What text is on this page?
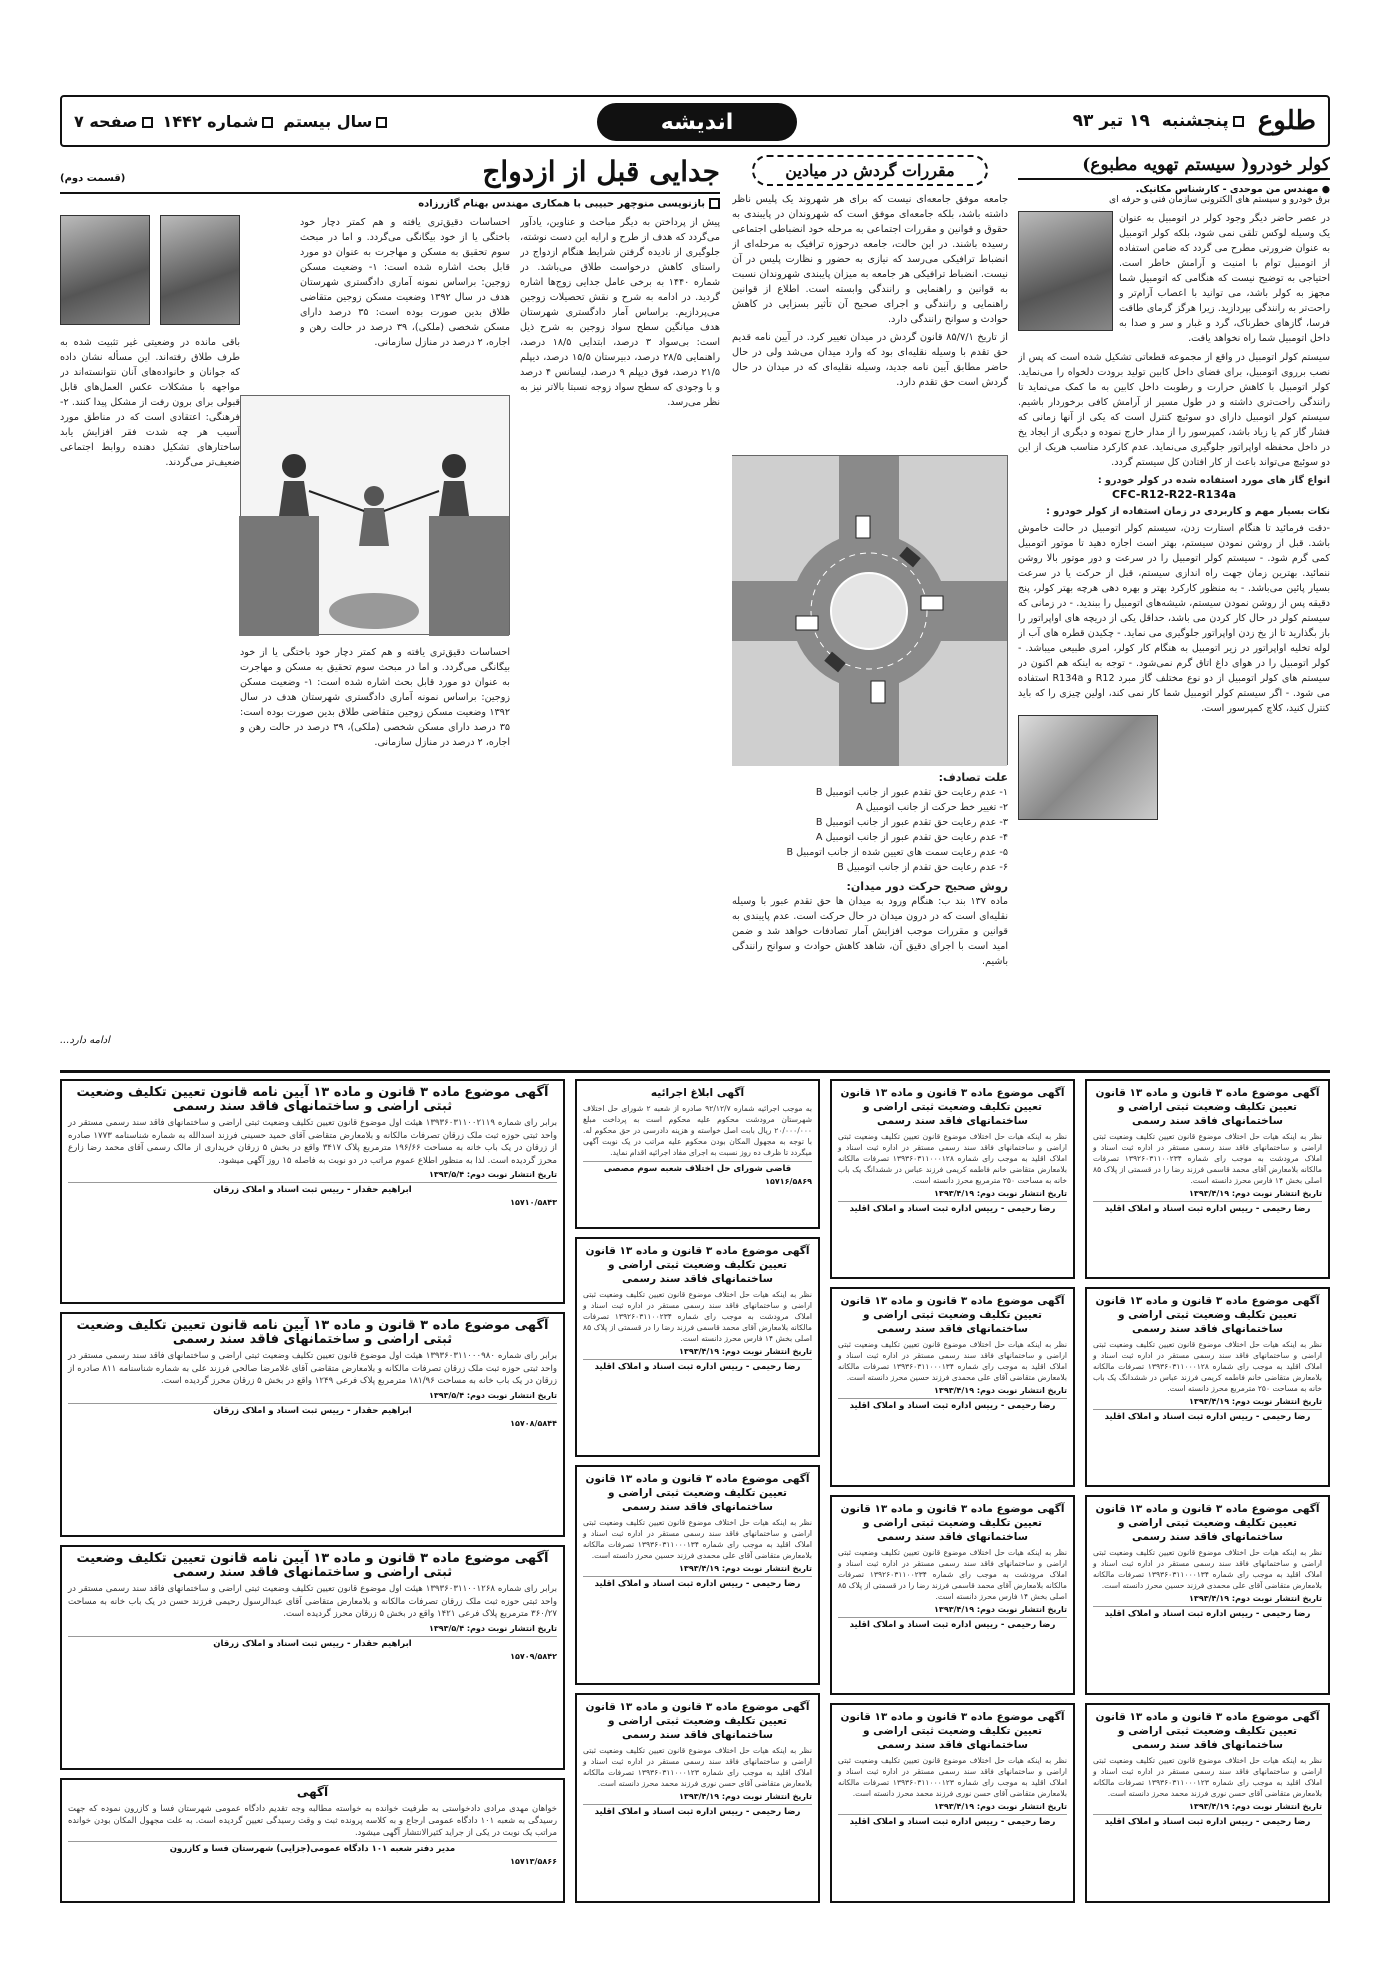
طلوع
پنجشنبه  ۱۹ تیر ۹۳
اندیشه
سال بیستم
شماره ۱۴۴۲
صفحه ۷
کولر خودرو( سیستم تهویه مطبوع)
● مهندس من موحدی - کارشناس مکانیک.
برق خودرو و سیستم های الکترونی سازمان فنی و حرفه ای
در عصر حاضر دیگر وجود کولر در اتومبیل به عنوان یک وسیله لوکس تلقی نمی شود، بلکه کولر اتومبیل به عنوان ضرورتی مطرح می گردد که ضامن استفاده از اتومبیل توام با امنیت و آرامش خاطر است. احتیاجی به توضیح نیست که هنگامی که اتومبیل شما مجهز به کولر باشد، می توانید با اعصاب آرام‌تر و راحت‌تر به رانندگی بپردازید. زیرا هرگز گرمای طاقت فرسا، گازهای خطرناک، گرد و غبار و سر و صدا به داخل اتومبیل شما راه نخواهد یافت.
سیستم کولر اتومبیل در واقع از مجموعه قطعاتی تشکیل شده است که پس از نصب برروی اتومبیل، برای فضای داخل کابین تولید برودت دلخواه را می‌نماید. کولر اتومبیل با کاهش حرارت و رطوبت داخل کابین به ما کمک می‌نماید تا رانندگی راحت‌تری داشته و در طول مسیر از آرامش کافی برخوردار باشیم. سیستم کولر اتومبیل دارای دو سوئیچ کنترل است که یکی از آنها زمانی که فشار گاز کم یا زیاد باشد، کمپرسور را از مدار خارج نموده و دیگری از ایجاد یخ در داخل محفظه اواپراتور جلوگیری می‌نماید. عدم کارکرد مناسب هریک از این دو سوئیچ می‌تواند باعث از کار افتادن کل سیستم گردد.
انواع گاز های مورد استفاده شده در کولر خودرو :
CFC-R12-R22-R134a
نکات بسیار مهم و کاربردی در زمان استفاده از کولر خودرو :
-دقت فرمائید تا هنگام استارت زدن، سیستم کولر اتومبیل در حالت خاموش باشد. قبل از روشن نمودن سیستم، بهتر است اجازه دهید تا موتور اتومبیل کمی گرم شود. - سیستم کولر اتومبیل را در سرعت و دور موتور بالا روشن ننمائید. بهترین زمان جهت راه اندازی سیستم، قبل از حرکت یا در سرعت بسیار پائین می‌باشد. - به منظور کارکرد بهتر و بهره دهی هرچه بهتر کولر، پنج دقیقه پس از روشن نمودن سیستم، شیشه‌های اتومبیل را ببندید. - در زمانی که سیستم کولر در حال کار کردن می باشد، حداقل یکی از دریچه های اواپراتور را باز بگذارید تا از یخ زدن اواپراتور جلوگیری می نماید. - چکیدن قطره های آب از لوله تخلیه اواپراتور در زیر اتومبیل به هنگام کار کولر، امری طبیعی میباشد. - کولر اتومبیل را در هوای داغ اتاق گرم نمی‌شود. - توجه به اینکه هم اکنون در سیستم های کولر اتومبیل از دو نوع مختلف گاز مبرد R12 و R134a استفاده می شود. - اگر سیستم کولر اتومبیل شما کار نمی کند، اولین چیزی را که باید کنترل کنید، کلاچ کمپرسور است.
مقررات گردش در میادین
جامعه موفق جامعه‌ای نیست که برای هر شهروند یک پلیس ناظر داشته باشد، بلکه جامعه‌ای موفق است که شهروندان در پایبندی به حقوق و قوانین و مقررات اجتماعی به مرحله خود انضباطی اجتماعی رسیده باشند. در این حالت، جامعه درحوزه ترافیک به مرحله‌ای از انضباط ترافیکی می‌رسد که نیازی به حضور و نظارت پلیس در آن نیست. انضباط ترافیکی هر جامعه به میزان پایبندی شهروندان نسبت به قوانین و راهنمایی و رانندگی وابسته است. اطلاع از قوانین راهنمایی و رانندگی و اجرای صحیح آن تأثیر بسزایی در کاهش حوادث و سوانح رانندگی دارد.
از تاریخ ۸۵/۷/۱ قانون گردش در میدان تغییر کرد. در آیین نامه قدیم حق تقدم با وسیله نقلیه‌ای بود که وارد میدان می‌شد ولی در حال حاضر مطابق آیین نامه جدید، وسیله نقلیه‌ای که در میدان در حال گردش است حق تقدم دارد.
علت تصادف:
۱- عدم رعایت حق تقدم عبور از جانب اتومبیل B
۲- تغییر خط حرکت از جانب اتومبیل A
۳- عدم رعایت حق تقدم عبور از جانب اتومبیل B
۴- عدم رعایت حق تقدم عبور از جانب اتومبیل A
۵- عدم رعایت سمت های تعیین شده از جانب اتومبیل B
۶- عدم رعایت حق تقدم از جانب اتومبیل B
روش صحیح حرکت دور میدان:
ماده ۱۳۷ بند ب: هنگام ورود به میدان ها حق تقدم عبور با وسیله نقلیه‌ای است که در درون میدان در حال حرکت است. عدم پایبندی به قوانین و مقررات موجب افزایش آمار تصادفات خواهد شد و ضمن امید است با اجرای دقیق آن، شاهد کاهش حوادث و سوانح رانندگی باشیم.
جدایی قبل از ازدواج
(قسمت دوم)
بازنویسی منوچهر حبیبی با همکاری مهندس بهنام گازرزاده
پیش از پرداختن به دیگر مباحث و عناوین، یادآور می‌گردد که هدف از طرح و ارایه این دست نوشته، جلوگیری از نادیده گرفتن شرایط هنگام ازدواج در راستای کاهش درخواست طلاق می‌باشد. در شماره ۱۴۴۰ به برخی عامل جدایی زوج‌ها اشاره گردید. در ادامه به شرح و نقش تحصیلات زوجین می‌پردازیم. براساس آمار دادگستری شهرستان هدف میانگین سطح سواد زوجین به شرح ذیل است: بی‌سواد ۳ درصد، ابتدایی ۱۸/۵ درصد، راهنمایی ۲۸/۵ درصد، دبیرستان ۱۵/۵ درصد، دیپلم ۲۱/۵ درصد، فوق دیپلم ۹ درصد، لیسانس ۴ درصد و با وجودی که سطح سواد زوجه نسبتا بالاتر نیز به نظر می‌رسد.
احساسات دقیق‌تری یافته و هم کمتر دچار خود باختگی یا از خود بیگانگی می‌گردد. و اما در مبحث سوم تحقیق به مسکن و مهاجرت به عنوان دو مورد قابل بحث اشاره شده است: ۱- وضعیت مسکن زوجین: براساس نمونه آماری دادگستری شهرستان هدف در سال ۱۳۹۲ وضعیت مسکن زوجین متقاضی طلاق بدین صورت بوده است: ۳۵ درصد دارای مسکن شخصی (ملکی)، ۳۹ درصد در حالت رهن و اجاره، ۲ درصد در منازل سازمانی.
باقی مانده در وضعیتی غیر تثبیت شده به طرف طلاق رفته‌اند. این مسأله نشان داده که جوانان و خانواده‌های آنان نتوانسته‌اند در مواجهه با مشکلات عکس العمل‌های قابل قبولی برای برون رفت از مشکل پیدا کنند. ۲- فرهنگی: اعتقادی است که در مناطق مورد آسیب هر چه شدت فقر افزایش یابد ساختارهای تشکیل دهنده روابط اجتماعی ضعیف‌تر می‌گردند.
احساسات دقیق‌تری یافته و هم کمتر دچار خود باختگی یا از خود بیگانگی می‌گردد. و اما در مبحث سوم تحقیق به مسکن و مهاجرت به عنوان دو مورد قابل بحث اشاره شده است: ۱- وضعیت مسکن زوجین: براساس نمونه آماری دادگستری شهرستان هدف در سال ۱۳۹۲ وضعیت مسکن زوجین متقاضی طلاق بدین صورت بوده است: ۳۵ درصد دارای مسکن شخصی (ملکی)، ۳۹ درصد در حالت رهن و اجاره، ۲ درصد در منازل سازمانی.
ادامه دارد...
آگهی موضوع ماده ۳ قانون و ماده ۱۳ قانون تعیین تکلیف وضعیت ثبتی اراضی و ساختمانهای فاقد سند رسمی

نظر به اینکه هیات حل اختلاف موضوع قانون تعیین تکلیف وضعیت ثبتی اراضی و ساختمانهای فاقد سند رسمی مستقر در اداره ثبت اسناد و املاک مرودشت به موجب رای شماره ۱۳۹۲۶۰۳۱۱۰۰۲۳۴ تصرفات مالکانه بلامعارض آقای محمد قاسمی فرزند رضا را در قسمتی از پلاک ۸۵ اصلی بخش ۱۴ فارس محرز دانسته است.

تاریخ انتشار نوبت دوم: ۱۳۹۳/۴/۱۹
رضا رحیمی - رییس اداره ثبت اسناد و املاک اقلید
آگهی موضوع ماده ۳ قانون و ماده ۱۳ قانون تعیین تکلیف وضعیت ثبتی اراضی و ساختمانهای فاقد سند رسمی

نظر به اینکه هیات حل اختلاف موضوع قانون تعیین تکلیف وضعیت ثبتی اراضی و ساختمانهای فاقد سند رسمی مستقر در اداره ثبت اسناد و املاک اقلید به موجب رای شماره ۱۳۹۳۶۰۳۱۱۰۰۰۱۲۸ تصرفات مالکانه بلامعارض متقاضی خانم فاطمه کریمی فرزند عباس در ششدانگ یک باب خانه به مساحت ۲۵۰ مترمربع محرز دانسته است.

تاریخ انتشار نوبت دوم: ۱۳۹۳/۴/۱۹
رضا رحیمی - رییس اداره ثبت اسناد و املاک اقلید
آگهی موضوع ماده ۳ قانون و ماده ۱۳ قانون تعیین تکلیف وضعیت ثبتی اراضی و ساختمانهای فاقد سند رسمی

نظر به اینکه هیات حل اختلاف موضوع قانون تعیین تکلیف وضعیت ثبتی اراضی و ساختمانهای فاقد سند رسمی مستقر در اداره ثبت اسناد و املاک اقلید به موجب رای شماره ۱۳۹۳۶۰۳۱۱۰۰۰۱۳۴ تصرفات مالکانه بلامعارض متقاضی آقای علی محمدی فرزند حسین محرز دانسته است.

تاریخ انتشار نوبت دوم: ۱۳۹۳/۴/۱۹
رضا رحیمی - رییس اداره ثبت اسناد و املاک اقلید
آگهی موضوع ماده ۳ قانون و ماده ۱۳ قانون تعیین تکلیف وضعیت ثبتی اراضی و ساختمانهای فاقد سند رسمی

نظر به اینکه هیات حل اختلاف موضوع قانون تعیین تکلیف وضعیت ثبتی اراضی و ساختمانهای فاقد سند رسمی مستقر در اداره ثبت اسناد و املاک اقلید به موجب رای شماره ۱۳۹۳۶۰۳۱۱۰۰۰۱۲۳ تصرفات مالکانه بلامعارض متقاضی آقای حسن نوری فرزند محمد محرز دانسته است.

تاریخ انتشار نوبت دوم: ۱۳۹۳/۴/۱۹
رضا رحیمی - رییس اداره ثبت اسناد و املاک اقلید
آگهی موضوع ماده ۳ قانون و ماده ۱۳ قانون تعیین تکلیف وضعیت ثبتی اراضی و ساختمانهای فاقد سند رسمی

نظر به اینکه هیات حل اختلاف موضوع قانون تعیین تکلیف وضعیت ثبتی اراضی و ساختمانهای فاقد سند رسمی مستقر در اداره ثبت اسناد و املاک اقلید به موجب رای شماره ۱۳۹۳۶۰۳۱۱۰۰۰۱۲۸ تصرفات مالکانه بلامعارض متقاضی خانم فاطمه کریمی فرزند عباس در ششدانگ یک باب خانه به مساحت ۲۵۰ مترمربع محرز دانسته است.

تاریخ انتشار نوبت دوم: ۱۳۹۳/۴/۱۹
رضا رحیمی - رییس اداره ثبت اسناد و املاک اقلید
آگهی موضوع ماده ۳ قانون و ماده ۱۳ قانون تعیین تکلیف وضعیت ثبتی اراضی و ساختمانهای فاقد سند رسمی

نظر به اینکه هیات حل اختلاف موضوع قانون تعیین تکلیف وضعیت ثبتی اراضی و ساختمانهای فاقد سند رسمی مستقر در اداره ثبت اسناد و املاک اقلید به موجب رای شماره ۱۳۹۳۶۰۳۱۱۰۰۰۱۳۴ تصرفات مالکانه بلامعارض متقاضی آقای علی محمدی فرزند حسین محرز دانسته است.

تاریخ انتشار نوبت دوم: ۱۳۹۳/۴/۱۹
رضا رحیمی - رییس اداره ثبت اسناد و املاک اقلید
آگهی موضوع ماده ۳ قانون و ماده ۱۳ قانون تعیین تکلیف وضعیت ثبتی اراضی و ساختمانهای فاقد سند رسمی

نظر به اینکه هیات حل اختلاف موضوع قانون تعیین تکلیف وضعیت ثبتی اراضی و ساختمانهای فاقد سند رسمی مستقر در اداره ثبت اسناد و املاک مرودشت به موجب رای شماره ۱۳۹۲۶۰۳۱۱۰۰۲۳۴ تصرفات مالکانه بلامعارض آقای محمد قاسمی فرزند رضا را در قسمتی از پلاک ۸۵ اصلی بخش ۱۴ فارس محرز دانسته است.

تاریخ انتشار نوبت دوم: ۱۳۹۳/۴/۱۹
رضا رحیمی - رییس اداره ثبت اسناد و املاک اقلید
آگهی موضوع ماده ۳ قانون و ماده ۱۳ قانون تعیین تکلیف وضعیت ثبتی اراضی و ساختمانهای فاقد سند رسمی

نظر به اینکه هیات حل اختلاف موضوع قانون تعیین تکلیف وضعیت ثبتی اراضی و ساختمانهای فاقد سند رسمی مستقر در اداره ثبت اسناد و املاک اقلید به موجب رای شماره ۱۳۹۳۶۰۳۱۱۰۰۰۱۲۳ تصرفات مالکانه بلامعارض متقاضی آقای حسن نوری فرزند محمد محرز دانسته است.

تاریخ انتشار نوبت دوم: ۱۳۹۳/۴/۱۹
رضا رحیمی - رییس اداره ثبت اسناد و املاک اقلید
آگهی ابلاغ اجرائیه

به موجب اجرائیه شماره ۹۲/۱۲/۷ صادره از شعبه ۲ شورای حل اختلاف شهرستان مرودشت محکوم علیه محکوم است به پرداخت مبلغ ۲۰/۰۰۰/۰۰۰ ریال بابت اصل خواسته و هزینه دادرسی در حق محکوم له. با توجه به مجهول المکان بودن محکوم علیه مراتب در یک نوبت آگهی میگردد تا ظرف ده روز نسبت به اجرای مفاد اجرائیه اقدام نماید.

قاضی شورای حل اختلاف شعبه سوم مصصی
۱۵۷۱۶/۵۸۶۹
آگهی موضوع ماده ۳ قانون و ماده ۱۳ قانون تعیین تکلیف وضعیت ثبتی اراضی و ساختمانهای فاقد سند رسمی

نظر به اینکه هیات حل اختلاف موضوع قانون تعیین تکلیف وضعیت ثبتی اراضی و ساختمانهای فاقد سند رسمی مستقر در اداره ثبت اسناد و املاک مرودشت به موجب رای شماره ۱۳۹۲۶۰۳۱۱۰۰۲۳۴ تصرفات مالکانه بلامعارض آقای محمد قاسمی فرزند رضا را در قسمتی از پلاک ۸۵ اصلی بخش ۱۴ فارس محرز دانسته است.

تاریخ انتشار نوبت دوم: ۱۳۹۳/۴/۱۹
رضا رحیمی - رییس اداره ثبت اسناد و املاک اقلید
آگهی موضوع ماده ۳ قانون و ماده ۱۳ قانون تعیین تکلیف وضعیت ثبتی اراضی و ساختمانهای فاقد سند رسمی

نظر به اینکه هیات حل اختلاف موضوع قانون تعیین تکلیف وضعیت ثبتی اراضی و ساختمانهای فاقد سند رسمی مستقر در اداره ثبت اسناد و املاک اقلید به موجب رای شماره ۱۳۹۳۶۰۳۱۱۰۰۰۱۳۴ تصرفات مالکانه بلامعارض متقاضی آقای علی محمدی فرزند حسین محرز دانسته است.

تاریخ انتشار نوبت دوم: ۱۳۹۳/۴/۱۹
رضا رحیمی - رییس اداره ثبت اسناد و املاک اقلید
آگهی موضوع ماده ۳ قانون و ماده ۱۳ قانون تعیین تکلیف وضعیت ثبتی اراضی و ساختمانهای فاقد سند رسمی

نظر به اینکه هیات حل اختلاف موضوع قانون تعیین تکلیف وضعیت ثبتی اراضی و ساختمانهای فاقد سند رسمی مستقر در اداره ثبت اسناد و املاک اقلید به موجب رای شماره ۱۳۹۳۶۰۳۱۱۰۰۰۱۲۳ تصرفات مالکانه بلامعارض متقاضی آقای حسن نوری فرزند محمد محرز دانسته است.

تاریخ انتشار نوبت دوم: ۱۳۹۳/۴/۱۹
رضا رحیمی - رییس اداره ثبت اسناد و املاک اقلید
آگهی موضوع ماده ۳ قانون و ماده ۱۳ آیین نامه قانون تعیین تکلیف وضعیت ثبتی اراضی و ساختمانهای فاقد سند رسمی

برابر رای شماره ۱۳۹۳۶۰۳۱۱۰۰۲۱۱۹ هیئت اول موضوع قانون تعیین تکلیف وضعیت ثبتی اراضی و ساختمانهای فاقد سند رسمی مستقر در واحد ثبتی حوزه ثبت ملک زرقان تصرفات مالکانه و بلامعارض متقاضی آقای حمید حسینی فرزند اسدالله به شماره شناسنامه ۱۷۷۳ صادره از زرقان در یک باب خانه به مساحت ۱۹۶/۶۶ مترمربع پلاک ۳۴۱۷ واقع در بخش ۵ زرقان خریداری از مالک رسمی آقای محمد رضا زارع محرز گردیده است. لذا به منظور اطلاع عموم مراتب در دو نوبت به فاصله ۱۵ روز آگهی میشود.

تاریخ انتشار نوبت دوم: ۱۳۹۳/۵/۴
ابراهیم حقدار - رییس ثبت اسناد و املاک زرقان
۱۵۷۱۰/۵۸۴۳
آگهی موضوع ماده ۳ قانون و ماده ۱۳ آیین نامه قانون تعیین تکلیف وضعیت ثبتی اراضی و ساختمانهای فاقد سند رسمی

برابر رای شماره ۱۳۹۳۶۰۳۱۱۰۰۰۹۸۰ هیئت اول موضوع قانون تعیین تکلیف وضعیت ثبتی اراضی و ساختمانهای فاقد سند رسمی مستقر در واحد ثبتی حوزه ثبت ملک زرقان تصرفات مالکانه و بلامعارض متقاضی آقای غلامرضا صالحی فرزند علی به شماره شناسنامه ۸۱۱ صادره از زرقان در یک باب خانه به مساحت ۱۸۱/۹۶ مترمربع پلاک فرعی ۱۲۴۹ واقع در بخش ۵ زرقان محرز گردیده است.

تاریخ انتشار نوبت دوم: ۱۳۹۳/۵/۴
ابراهیم حقدار - رییس ثبت اسناد و املاک زرقان
۱۵۷۰۸/۵۸۴۴
آگهی موضوع ماده ۳ قانون و ماده ۱۳ آیین نامه قانون تعیین تکلیف وضعیت ثبتی اراضی و ساختمانهای فاقد سند رسمی

برابر رای شماره ۱۳۹۳۶۰۳۱۱۰۰۱۲۶۸ هیئت اول موضوع قانون تعیین تکلیف وضعیت ثبتی اراضی و ساختمانهای فاقد سند رسمی مستقر در واحد ثبتی حوزه ثبت ملک زرقان تصرفات مالکانه و بلامعارض متقاضی آقای عبدالرسول رحیمی فرزند حسن در یک باب خانه به مساحت ۳۶۰/۲۷ مترمربع پلاک فرعی ۱۴۲۱ واقع در بخش ۵ زرقان محرز گردیده است.

تاریخ انتشار نوبت دوم: ۱۳۹۳/۵/۴
ابراهیم حقدار - رییس ثبت اسناد و املاک زرقان
۱۵۷۰۹/۵۸۴۲
آگهی

خواهان مهدی مرادی دادخواستی به طرفیت خوانده به خواسته مطالبه وجه تقدیم دادگاه عمومی شهرستان فسا و کازرون نموده که جهت رسیدگی به شعبه ۱۰۱ دادگاه عمومی ارجاع و به کلاسه پرونده ثبت و وقت رسیدگی تعیین گردیده است. به علت مجهول المکان بودن خوانده مراتب یک نوبت در یکی از جراید کثیرالانتشار آگهی میشود.

مدیر دفتر شعبه ۱۰۱ دادگاه عمومی(جزایی) شهرستان فسا و کازرون
۱۵۷۱۳/۵۸۶۶
